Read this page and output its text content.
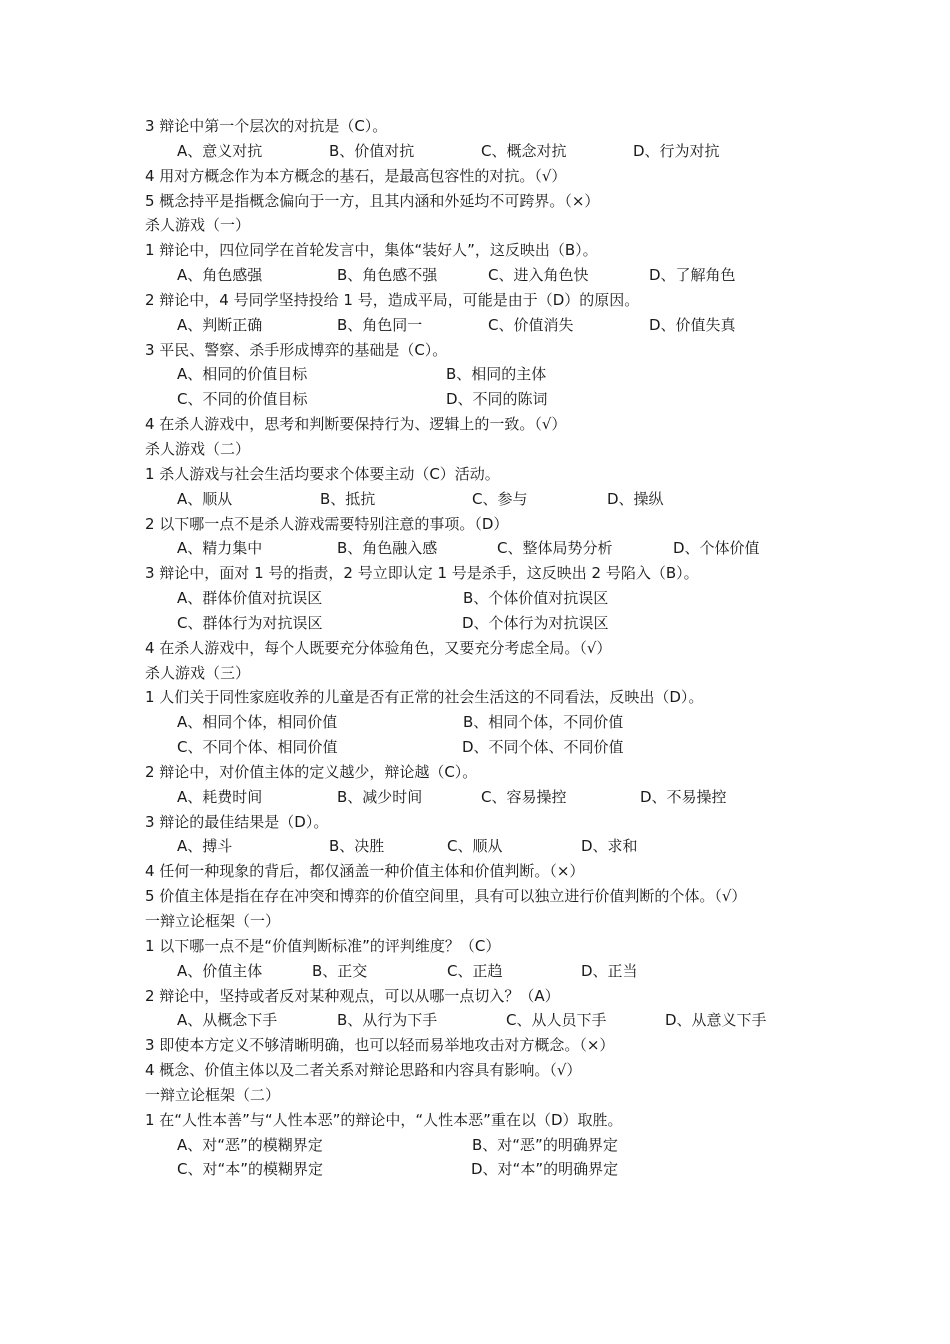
3 辩论中第一个层次的对抗是（C）。
A、意义对抗	B、价值对抗	C、概念对抗	D、行为对抗
4 用对方概念作为本方概念的基石，是最高包容性的对抗。（√）
5 概念持平是指概念偏向于一方，且其内涵和外延均不可跨界。（×）
杀人游戏（一）
1 辩论中，四位同学在首轮发言中，集体“装好人”，这反映出（B）。
A、角色感强	B、角色感不强	C、进入角色快	D、了解角色
2 辩论中，4 号同学坚持投给 1 号，造成平局，可能是由于（D）的原因。
A、判断正确	B、角色同一	C、价值消失	D、价值失真
3 平民、警察、杀手形成博弈的基础是（C）。
A、相同的价值目标	B、相同的主体
C、不同的价值目标	D、不同的陈词
4 在杀人游戏中，思考和判断要保持行为、逻辑上的一致。（√）
杀人游戏（二）
1 杀人游戏与社会生活均要求个体要主动（C）活动。
A、顺从	B、抵抗	C、参与	D、操纵
2 以下哪一点不是杀人游戏需要特别注意的事项。（D）
A、精力集中	B、角色融入感	C、整体局势分析	D、个体价值
3 辩论中，面对 1 号的指责，2 号立即认定 1 号是杀手，这反映出 2 号陷入（B）。
A、群体价值对抗误区	B、个体价值对抗误区
C、群体行为对抗误区	D、个体行为对抗误区
4 在杀人游戏中，每个人既要充分体验角色，又要充分考虑全局。（√）
杀人游戏（三）
1 人们关于同性家庭收养的儿童是否有正常的社会生活这的不同看法，反映出（D）。
A、相同个体，相同价值	B、相同个体，不同价值
C、不同个体、相同价值	D、不同个体、不同价值
2 辩论中，对价值主体的定义越少，辩论越（C）。
A、耗费时间	B、减少时间	C、容易操控	D、不易操控
3 辩论的最佳结果是（D）。
A、搏斗	B、决胜	C、顺从	D、求和
4 任何一种现象的背后，都仅涵盖一种价值主体和价值判断。（×）
5 价值主体是指在存在冲突和博弈的价值空间里，具有可以独立进行价值判断的个体。（√）
一辩立论框架（一）
1 以下哪一点不是“价值判断标准”的评判维度？（C）
A、价值主体	B、正交	C、正趋	D、正当
2 辩论中，坚持或者反对某种观点，可以从哪一点切入？（A）
A、从概念下手	B、从行为下手	C、从人员下手	D、从意义下手
3 即使本方定义不够清晰明确，也可以轻而易举地攻击对方概念。（×）
4 概念、价值主体以及二者关系对辩论思路和内容具有影响。（√）
一辩立论框架（二）
1 在“人性本善”与“人性本恶”的辩论中，“人性本恶”重在以（D）取胜。
A、对“恶”的模糊界定	B、对“恶”的明确界定
C、对“本”的模糊界定	D、对“本”的明确界定
